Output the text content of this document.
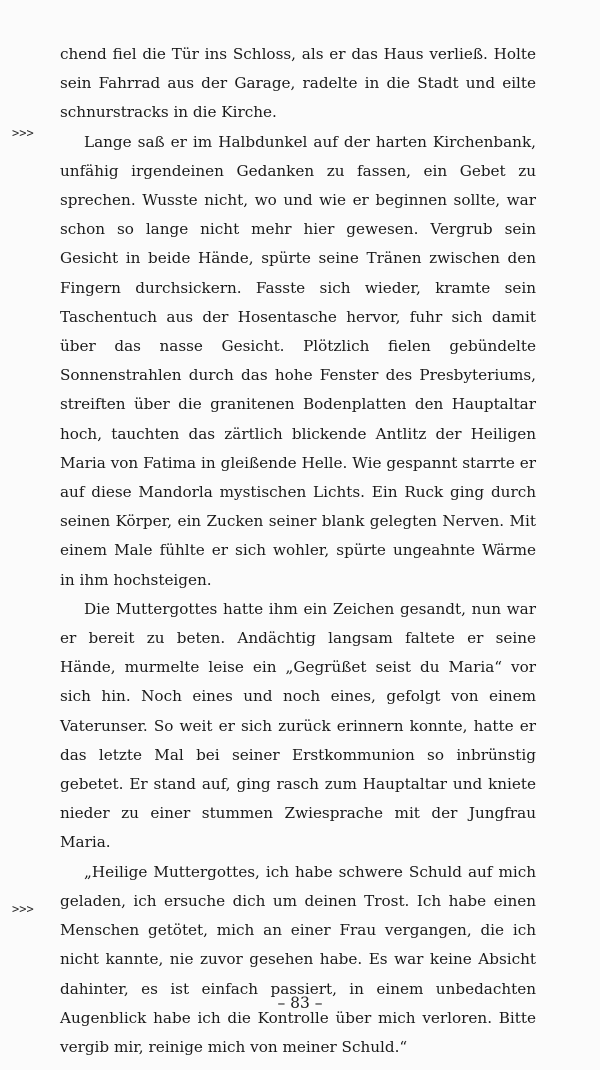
>>>
>>>

chend fiel die Tür ins Schloss, als er das Haus verließ. Holte sein Fahrrad aus der Garage, radelte in die Stadt und eilte schnurstracks in die Kirche.

Lange saß er im Halbdunkel auf der harten Kirchenbank, unfähig irgendeinen Gedanken zu fassen, ein Gebet zu sprechen. Wusste nicht, wo und wie er beginnen sollte, war schon so lange nicht mehr hier gewesen. Vergrub sein Gesicht in beide Hände, spürte seine Tränen zwischen den Fingern durchsickern. Fasste sich wieder, kramte sein Taschentuch aus der Hosentasche hervor, fuhr sich damit über das nasse Gesicht. Plötzlich fielen gebündelte Sonnenstrahlen durch das hohe Fenster des Presbyteriums, streiften über die granitenen Bodenplatten den Hauptaltar hoch, tauchten das zärtlich blickende Antlitz der Heiligen Maria von Fatima in gleißende Helle. Wie gespannt starrte er auf diese Mandorla mystischen Lichts. Ein Ruck ging durch seinen Körper, ein Zucken seiner blank gelegten Nerven. Mit einem Male fühlte er sich wohler, spürte ungeahnte Wärme in ihm hochsteigen.

Die Muttergottes hatte ihm ein Zeichen gesandt, nun war er bereit zu beten. Andächtig langsam faltete er seine Hände, murmelte leise ein „Gegrüßet seist du Maria“ vor sich hin. Noch eines und noch eines, gefolgt von einem Vaterunser. So weit er sich zurück erinnern konnte, hatte er das letzte Mal bei seiner Erstkommunion so inbrünstig gebetet. Er stand auf, ging rasch zum Hauptaltar und kniete nieder zu einer stummen Zwiesprache mit der Jungfrau Maria.

„Heilige Muttergottes, ich habe schwere Schuld auf mich geladen, ich ersuche dich um deinen Trost. Ich habe einen Menschen getötet, mich an einer Frau vergangen, die ich nicht kannte, nie zuvor gesehen habe. Es war keine Absicht dahinter, es ist einfach passiert, in einem unbedachten Augenblick habe ich die Kontrolle über mich verloren. Bitte vergib mir, reinige mich von meiner Schuld.“

– 83 –
